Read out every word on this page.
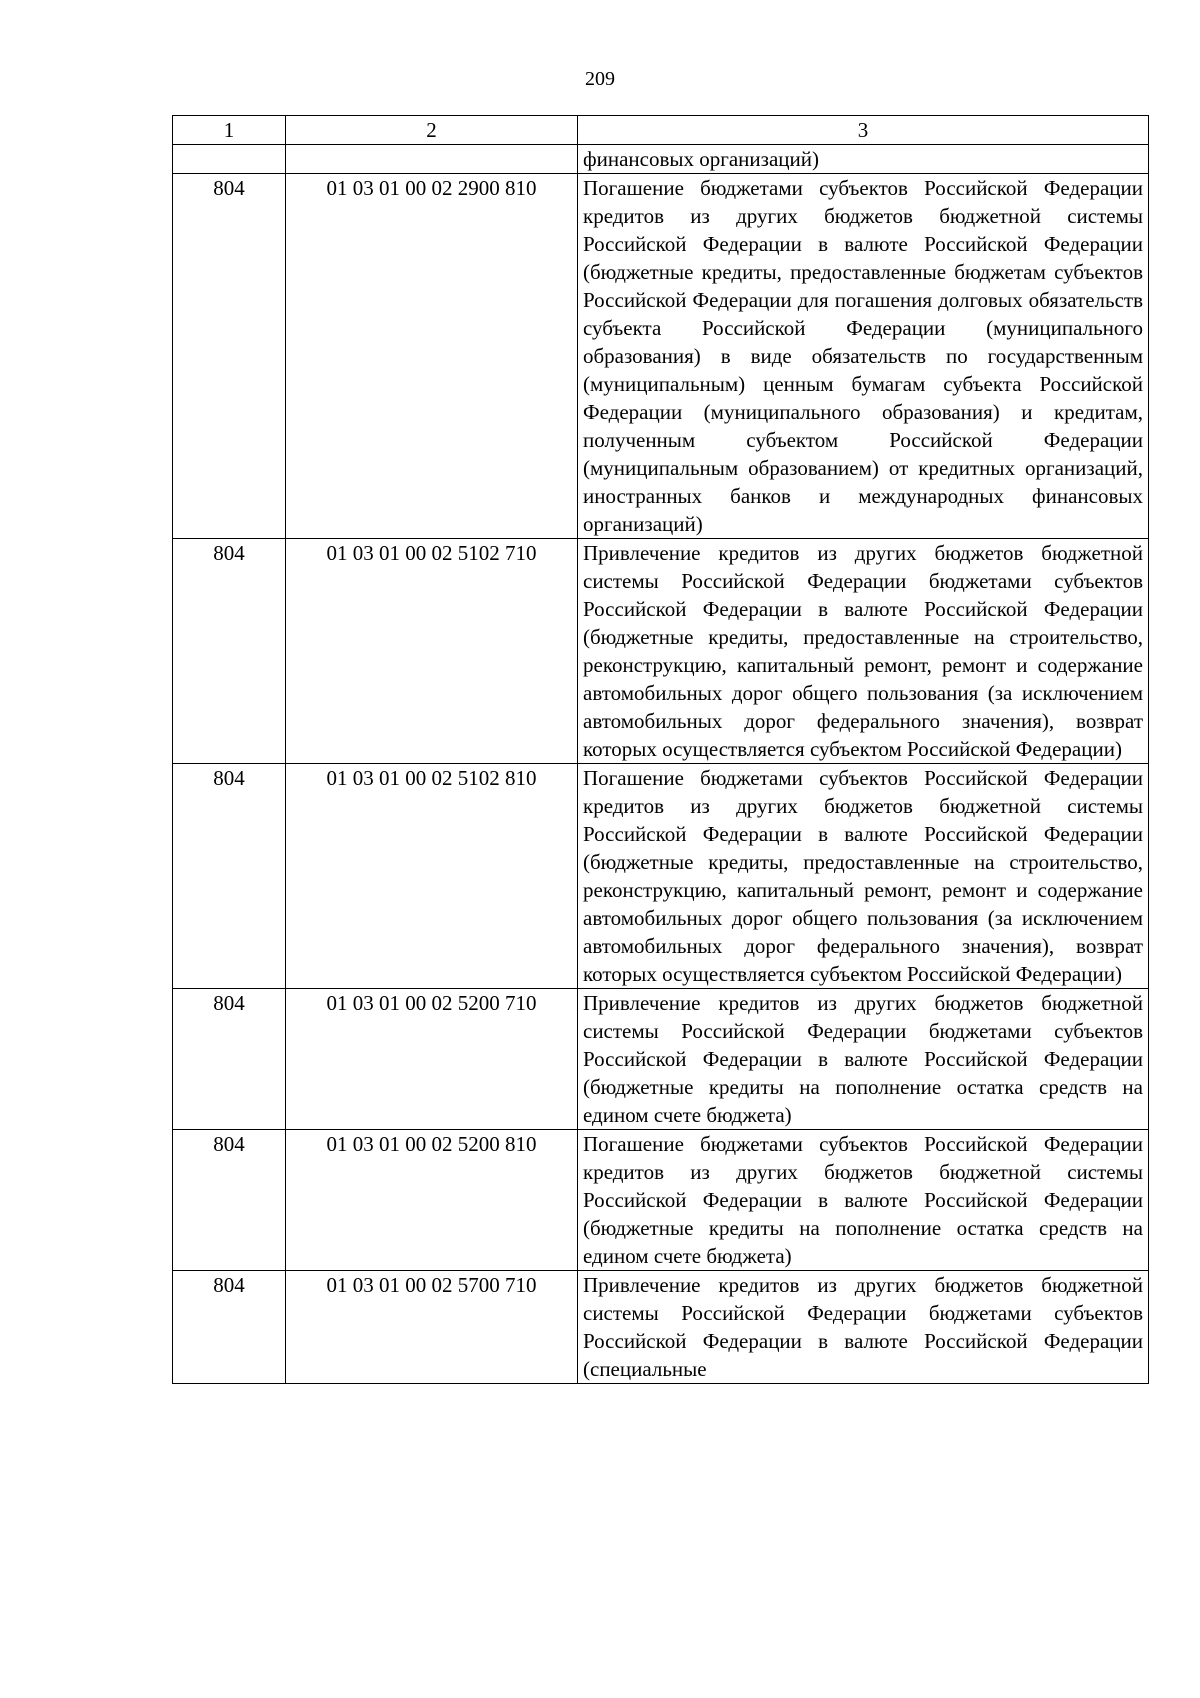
209
1	2	3
		финансовых организаций)
804	01 03 01 00 02 2900 810	Погашение бюджетами субъектов Российской Федерации кредитов из других бюджетов бюджетной системы Российской Федерации в валюте Российской Федерации (бюджетные кредиты, предоставленные бюджетам субъектов Российской Федерации для погашения долговых обязательств субъекта Российской Федерации (муниципального образования) в виде обязательств по государственным (муниципальным) ценным бумагам субъекта Российской Федерации (муниципального образования) и кредитам, полученным субъектом Российской Федерации (муниципальным образованием) от кредитных организаций, иностранных банков и международных финансовых организаций)
804	01 03 01 00 02 5102 710	Привлечение кредитов из других бюджетов бюджетной системы Российской Федерации бюджетами субъектов Российской Федерации в валюте Российской Федерации (бюджетные кредиты, предоставленные на строительство, реконструкцию, капитальный ремонт, ремонт и содержание автомобильных дорог общего пользования (за исключением автомобильных дорог федерального значения), возврат которых осуществляется субъектом Российской Федерации)
804	01 03 01 00 02 5102 810	Погашение бюджетами субъектов Российской Федерации кредитов из других бюджетов бюджетной системы Российской Федерации в валюте Российской Федерации (бюджетные кредиты, предоставленные на строительство, реконструкцию, капитальный ремонт, ремонт и содержание автомобильных дорог общего пользования (за исключением автомобильных дорог федерального значения), возврат которых осуществляется субъектом Российской Федерации)
804	01 03 01 00 02 5200 710	Привлечение кредитов из других бюджетов бюджетной системы Российской Федерации бюджетами субъектов Российской Федерации в валюте Российской Федерации (бюджетные кредиты на пополнение остатка средств на едином счете бюджета)
804	01 03 01 00 02 5200 810	Погашение бюджетами субъектов Российской Федерации кредитов из других бюджетов бюджетной системы Российской Федерации в валюте Российской Федерации (бюджетные кредиты на пополнение остатка средств на едином счете бюджета)
804	01 03 01 00 02 5700 710	Привлечение кредитов из других бюджетов бюджетной системы Российской Федерации бюджетами субъектов Российской Федерации в валюте Российской Федерации (специальные
